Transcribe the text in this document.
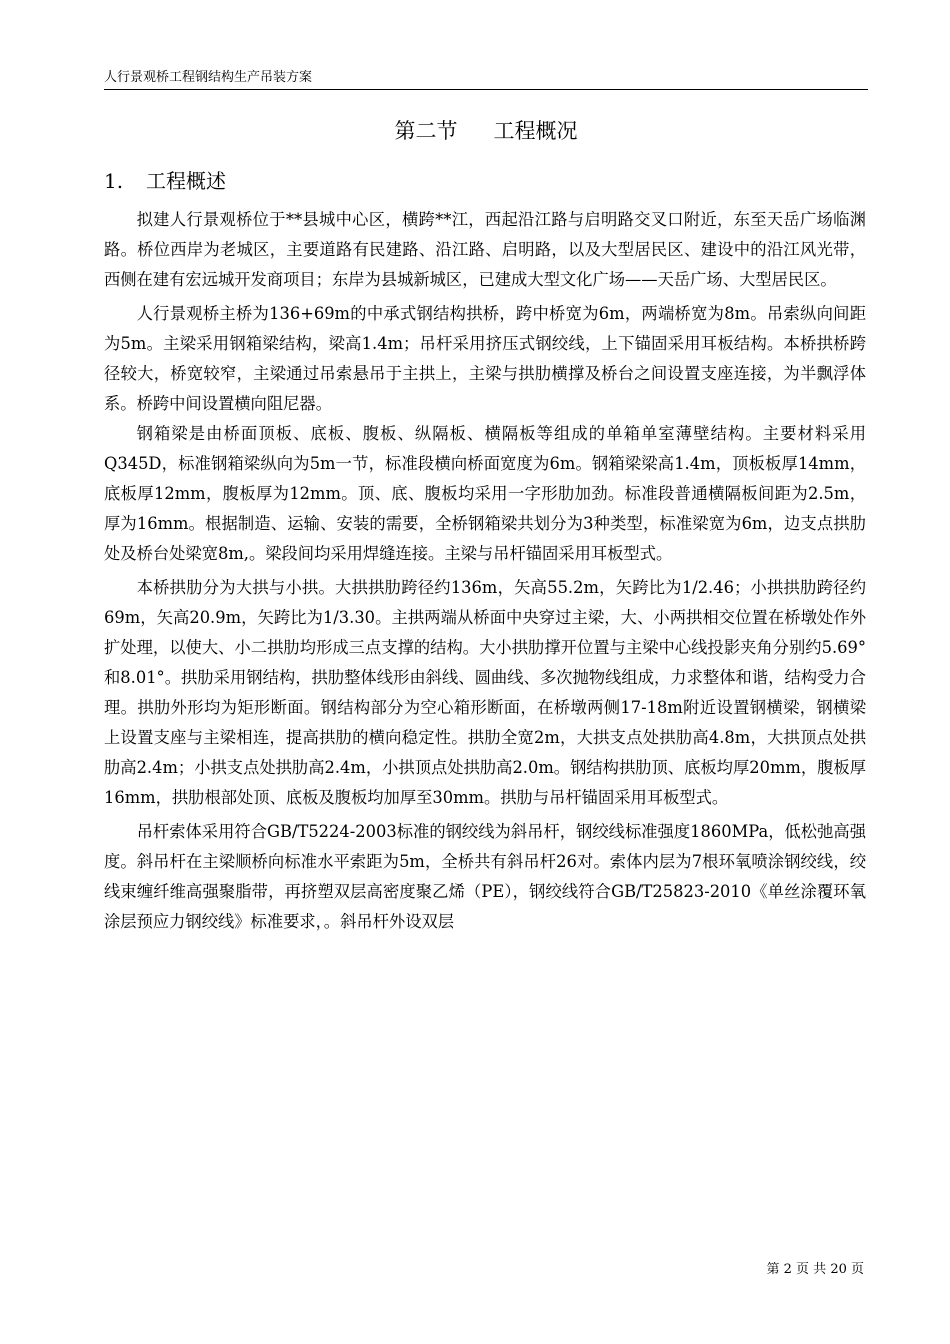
人行景观桥工程钢结构生产吊装方案
第二节 工程概况
1. 工程概述

拟建人行景观桥位于**县城中心区，横跨**江，西起沿江路与启明路交叉口附近，东至天岳广场临渊路。桥位西岸为老城区，主要道路有民建路、沿江路、启明路，以及大型居民区、建设中的沿江风光带，西侧在建有宏远城开发商项目；东岸为县城新城区，已建成大型文化广场——天岳广场、大型居民区。

人行景观桥主桥为136+69m的中承式钢结构拱桥，跨中桥宽为6m，两端桥宽为8m。吊索纵向间距为5m。主梁采用钢箱梁结构，梁高1.4m；吊杆采用挤压式钢绞线，上下锚固采用耳板结构。本桥拱桥跨径较大，桥宽较窄，主梁通过吊索悬吊于主拱上，主梁与拱肋横撑及桥台之间设置支座连接，为半飘浮体系。桥跨中间设置横向阻尼器。

钢箱梁是由桥面顶板、底板、腹板、纵隔板、横隔板等组成的单箱单室薄壁结构。主要材料采用Q345D，标准钢箱梁纵向为5m一节，标准段横向桥面宽度为6m。钢箱梁梁高1.4m，顶板板厚14mm，底板厚12mm，腹板厚为12mm。顶、底、腹板均采用一字形肋加劲。标准段普通横隔板间距为2.5m，厚为16mm。根据制造、运输、安装的需要，全桥钢箱梁共划分为3种类型，标准梁宽为6m，边支点拱肋处及桥台处梁宽8m,。梁段间均采用焊缝连接。主梁与吊杆锚固采用耳板型式。

本桥拱肋分为大拱与小拱。大拱拱肋跨径约136m，矢高55.2m，矢跨比为1/2.46；小拱拱肋跨径约69m，矢高20.9m，矢跨比为1/3.30。主拱两端从桥面中央穿过主梁，大、小两拱相交位置在桥墩处作外扩处理，以使大、小二拱肋均形成三点支撑的结构。大小拱肋撑开位置与主梁中心线投影夹角分别约5.69°和8.01°。拱肋采用钢结构，拱肋整体线形由斜线、圆曲线、多次抛物线组成，力求整体和谐，结构受力合理。拱肋外形均为矩形断面。钢结构部分为空心箱形断面，在桥墩两侧17-18m附近设置钢横梁，钢横梁上设置支座与主梁相连，提高拱肋的横向稳定性。拱肋全宽2m，大拱支点处拱肋高4.8m，大拱顶点处拱肋高2.4m；小拱支点处拱肋高2.4m，小拱顶点处拱肋高2.0m。钢结构拱肋顶、底板均厚20mm，腹板厚16mm，拱肋根部处顶、底板及腹板均加厚至30mm。拱肋与吊杆锚固采用耳板型式。

吊杆索体采用符合GB/T5224-2003标准的钢绞线为斜吊杆，钢绞线标准强度1860MPa，低松弛高强度。斜吊杆在主梁顺桥向标准水平索距为5m，全桥共有斜吊杆26对。索体内层为7根环氧喷涂钢绞线，绞线束缠纤维高强聚脂带，再挤塑双层高密度聚乙烯（PE），钢绞线符合GB/T25823-2010《单丝涂覆环氧涂层预应力钢绞线》标准要求，。斜吊杆外设双层

第 2 页 共 20 页
